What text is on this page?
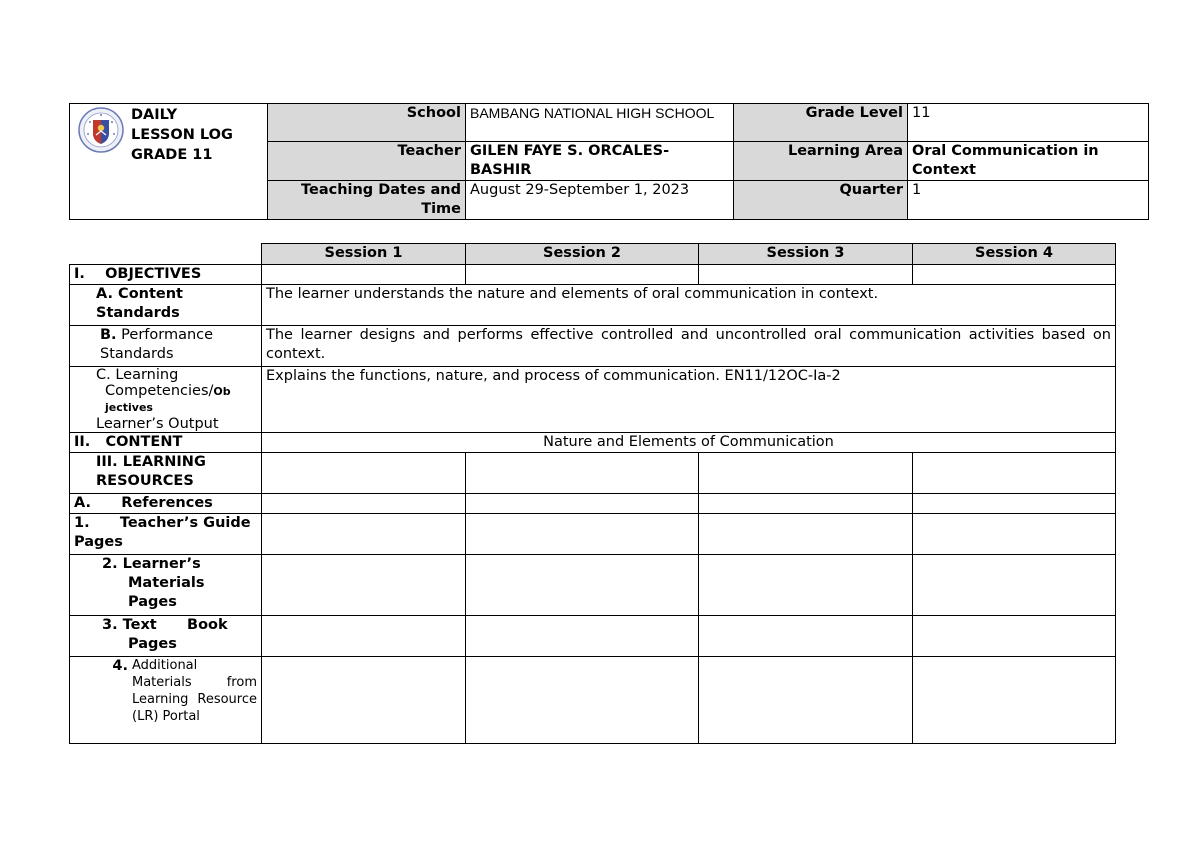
DAILY
LESSON LOG
GRADE 11	School	BAMBANG NATIONAL HIGH SCHOOL	Grade Level	11
	Teacher	GILEN FAYE S. ORCALES-BASHIR	Learning Area	Oral Communication in Context
	Teaching Dates and Time	August 29-September 1, 2023	Quarter	1
	Session 1	Session 2	Session 3	Session 4
I.    OBJECTIVES				
A. Content Standards	The learner understands the nature and elements of oral communication in context.			

B. Performance Standards	The learner designs and performs effective controlled and uncontrolled oral communication activities based on context.			

C. Learning
Competencies/Ob
jectives
Learner’s Output	Explains the functions, nature, and process of communication. EN11/12OC-Ia-2			
II.   CONTENT	Nature and Elements of Communication			
III. LEARNING RESOURCES				
A.      References				
1.      Teacher’s Guide Pages				
2. Learner’s Materials Pages				
3. Text      Book Pages				

4. Additional Materials from Learning Resource (LR) Portal				
